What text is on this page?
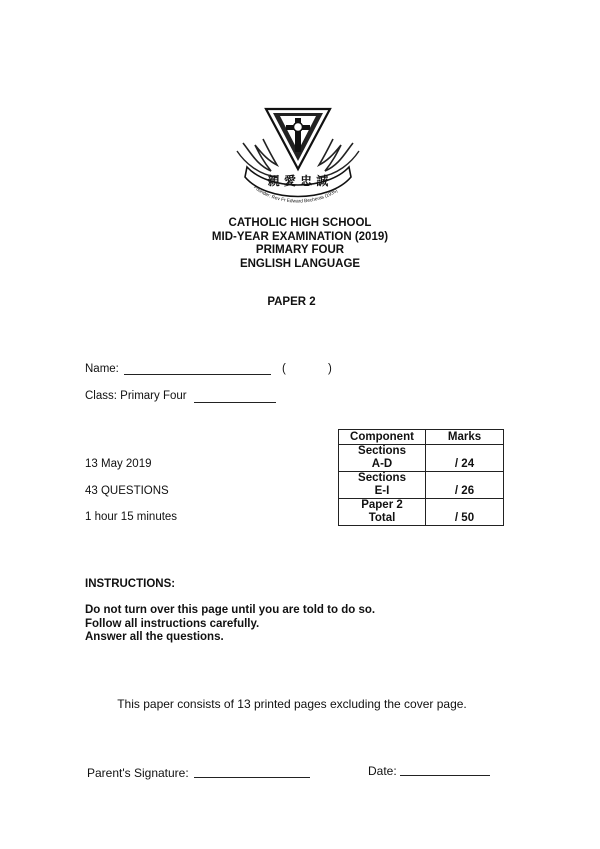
親 愛 忠 誠
Founder: Rev Fr Edward Becheras (1935)
CATHOLIC HIGH SCHOOL
MID-YEAR EXAMINATION (2019)
PRIMARY FOUR
ENGLISH LANGUAGE
PAPER 2
Name:	(	)
Class: Primary Four
13 May 2019
43 QUESTIONS
1 hour 15 minutes
Component	Marks

Sections
A-D	/ 24

Sections
E-I	/ 26

Paper 2
Total	/ 50
INSTRUCTIONS:
Do not turn over this page until you are told to do so.
Follow all instructions carefully.
Answer all the questions.
This paper consists of 13 printed pages excluding the cover page.
Parent's Signature:	Date:
